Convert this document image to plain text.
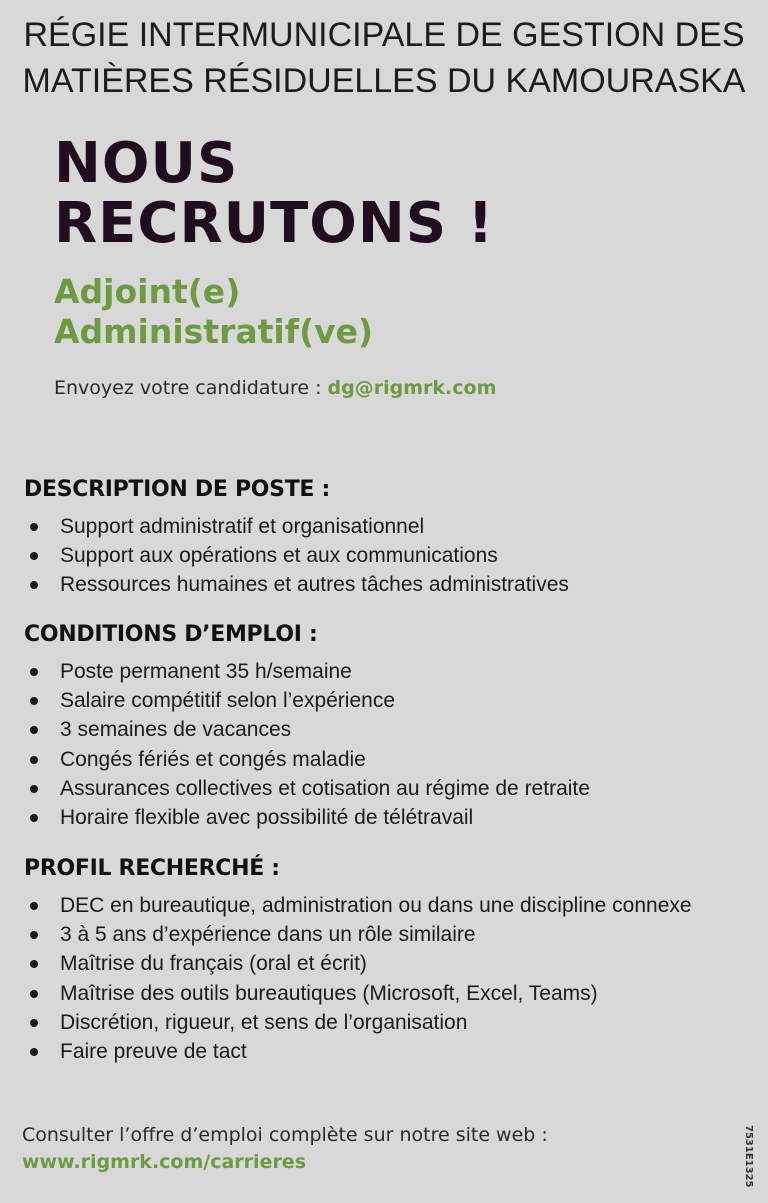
RÉGIE INTERMUNICIPALE DE GESTION DES
MATIÈRES RÉSIDUELLES DU KAMOURASKA
NOUS
RECRUTONS !
Adjoint(e)
Administratif(ve)
Envoyez votre candidature : dg@rigmrk.com
DESCRIPTION DE POSTE :
Support administratif et organisationnel
Support aux opérations et aux communications
Ressources humaines et autres tâches administratives
CONDITIONS D’EMPLOI :
Poste permanent 35 h/semaine
Salaire compétitif selon l’expérience
3 semaines de vacances
Congés fériés et congés maladie
Assurances collectives et cotisation au régime de retraite
Horaire flexible avec possibilité de télétravail
PROFIL RECHERCHÉ :
DEC en bureautique, administration ou dans une discipline connexe
3 à 5 ans d’expérience dans un rôle similaire
Maîtrise du français (oral et écrit)
Maîtrise des outils bureautiques (Microsoft, Excel, Teams)
Discrétion, rigueur, et sens de l’organisation
Faire preuve de tact
Consulter l’offre d’emploi complète sur notre site web :
www.rigmrk.com/carrieres	7531E1325
